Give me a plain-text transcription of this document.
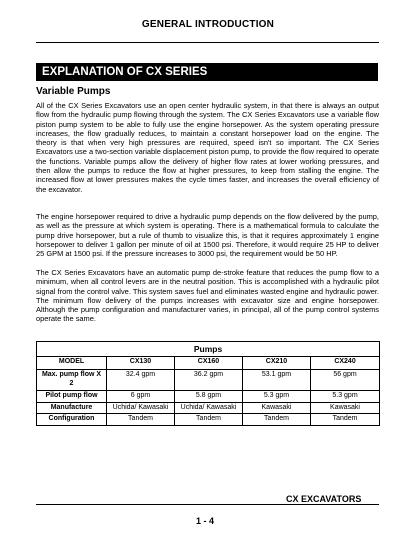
GENERAL INTRODUCTION
EXPLANATION OF CX SERIES
Variable Pumps

All of the CX Series Excavators use an open center hydraulic system, in that there is always an output flow from the hydraulic pump flowing through the system. The CX Series Excavators use a variable flow piston pump system to be able to fully use the engine horsepower. As the system operating pressure increases, the flow gradually reduces, to maintain a constant horsepower load on the engine. The theory is that when very high pressures are required, speed isn't so important. The CX Series Excavators use a two-section variable displacement piston pump, to provide the flow required to operate the functions. Variable pumps allow the delivery of higher flow rates at lower working pressures, and then allow the pumps to reduce the flow at higher pressures, to keep from stalling the engine. The increased flow at lower pressures makes the cycle times faster, and increases the overall efficiency of the excavator.

The engine horsepower required to drive a hydraulic pump depends on the flow delivered by the pump, as well as the pressure at which system is operating. There is a mathematical formula to calculate the pump drive horsepower, but a rule of thumb to visualize this, is that it requires approximately 1 engine horsepower to deliver 1 gallon per minute of oil at 1500 psi. Therefore, it would require 25 HP to deliver 25 GPM at 1500 psi. If the pressure increases to 3000 psi, the requirement would be 50 HP.

The CX Series Excavators have an automatic pump de-stroke feature that reduces the pump flow to a minimum, when all control levers are in the neutral position. This is accomplished with a hydraulic pilot signal from the control valve. This system saves fuel and eliminates wasted engine and hydraulic power. The minimum flow delivery of the pumps increases with excavator size and engine horsepower. Although the pump configuration and manufacturer varies, in principal, all of the pump control systems operate the same.

Pumps				
MODEL	CX130	CX160	CX210	CX240
Max. pump flow X 2	32.4 gpm	36.2 gpm	53.1 gpm	56 gpm
Pilot pump flow	6 gpm	5.8 gpm	5.3 gpm	5.3 gpm
Manufacture	Uchida/ Kawasaki	Uchida/ Kawasaki	Kawasaki	Kawasaki
Configuration	Tandem	Tandem	Tandem	Tandem
CX EXCAVATORS
1 - 4
